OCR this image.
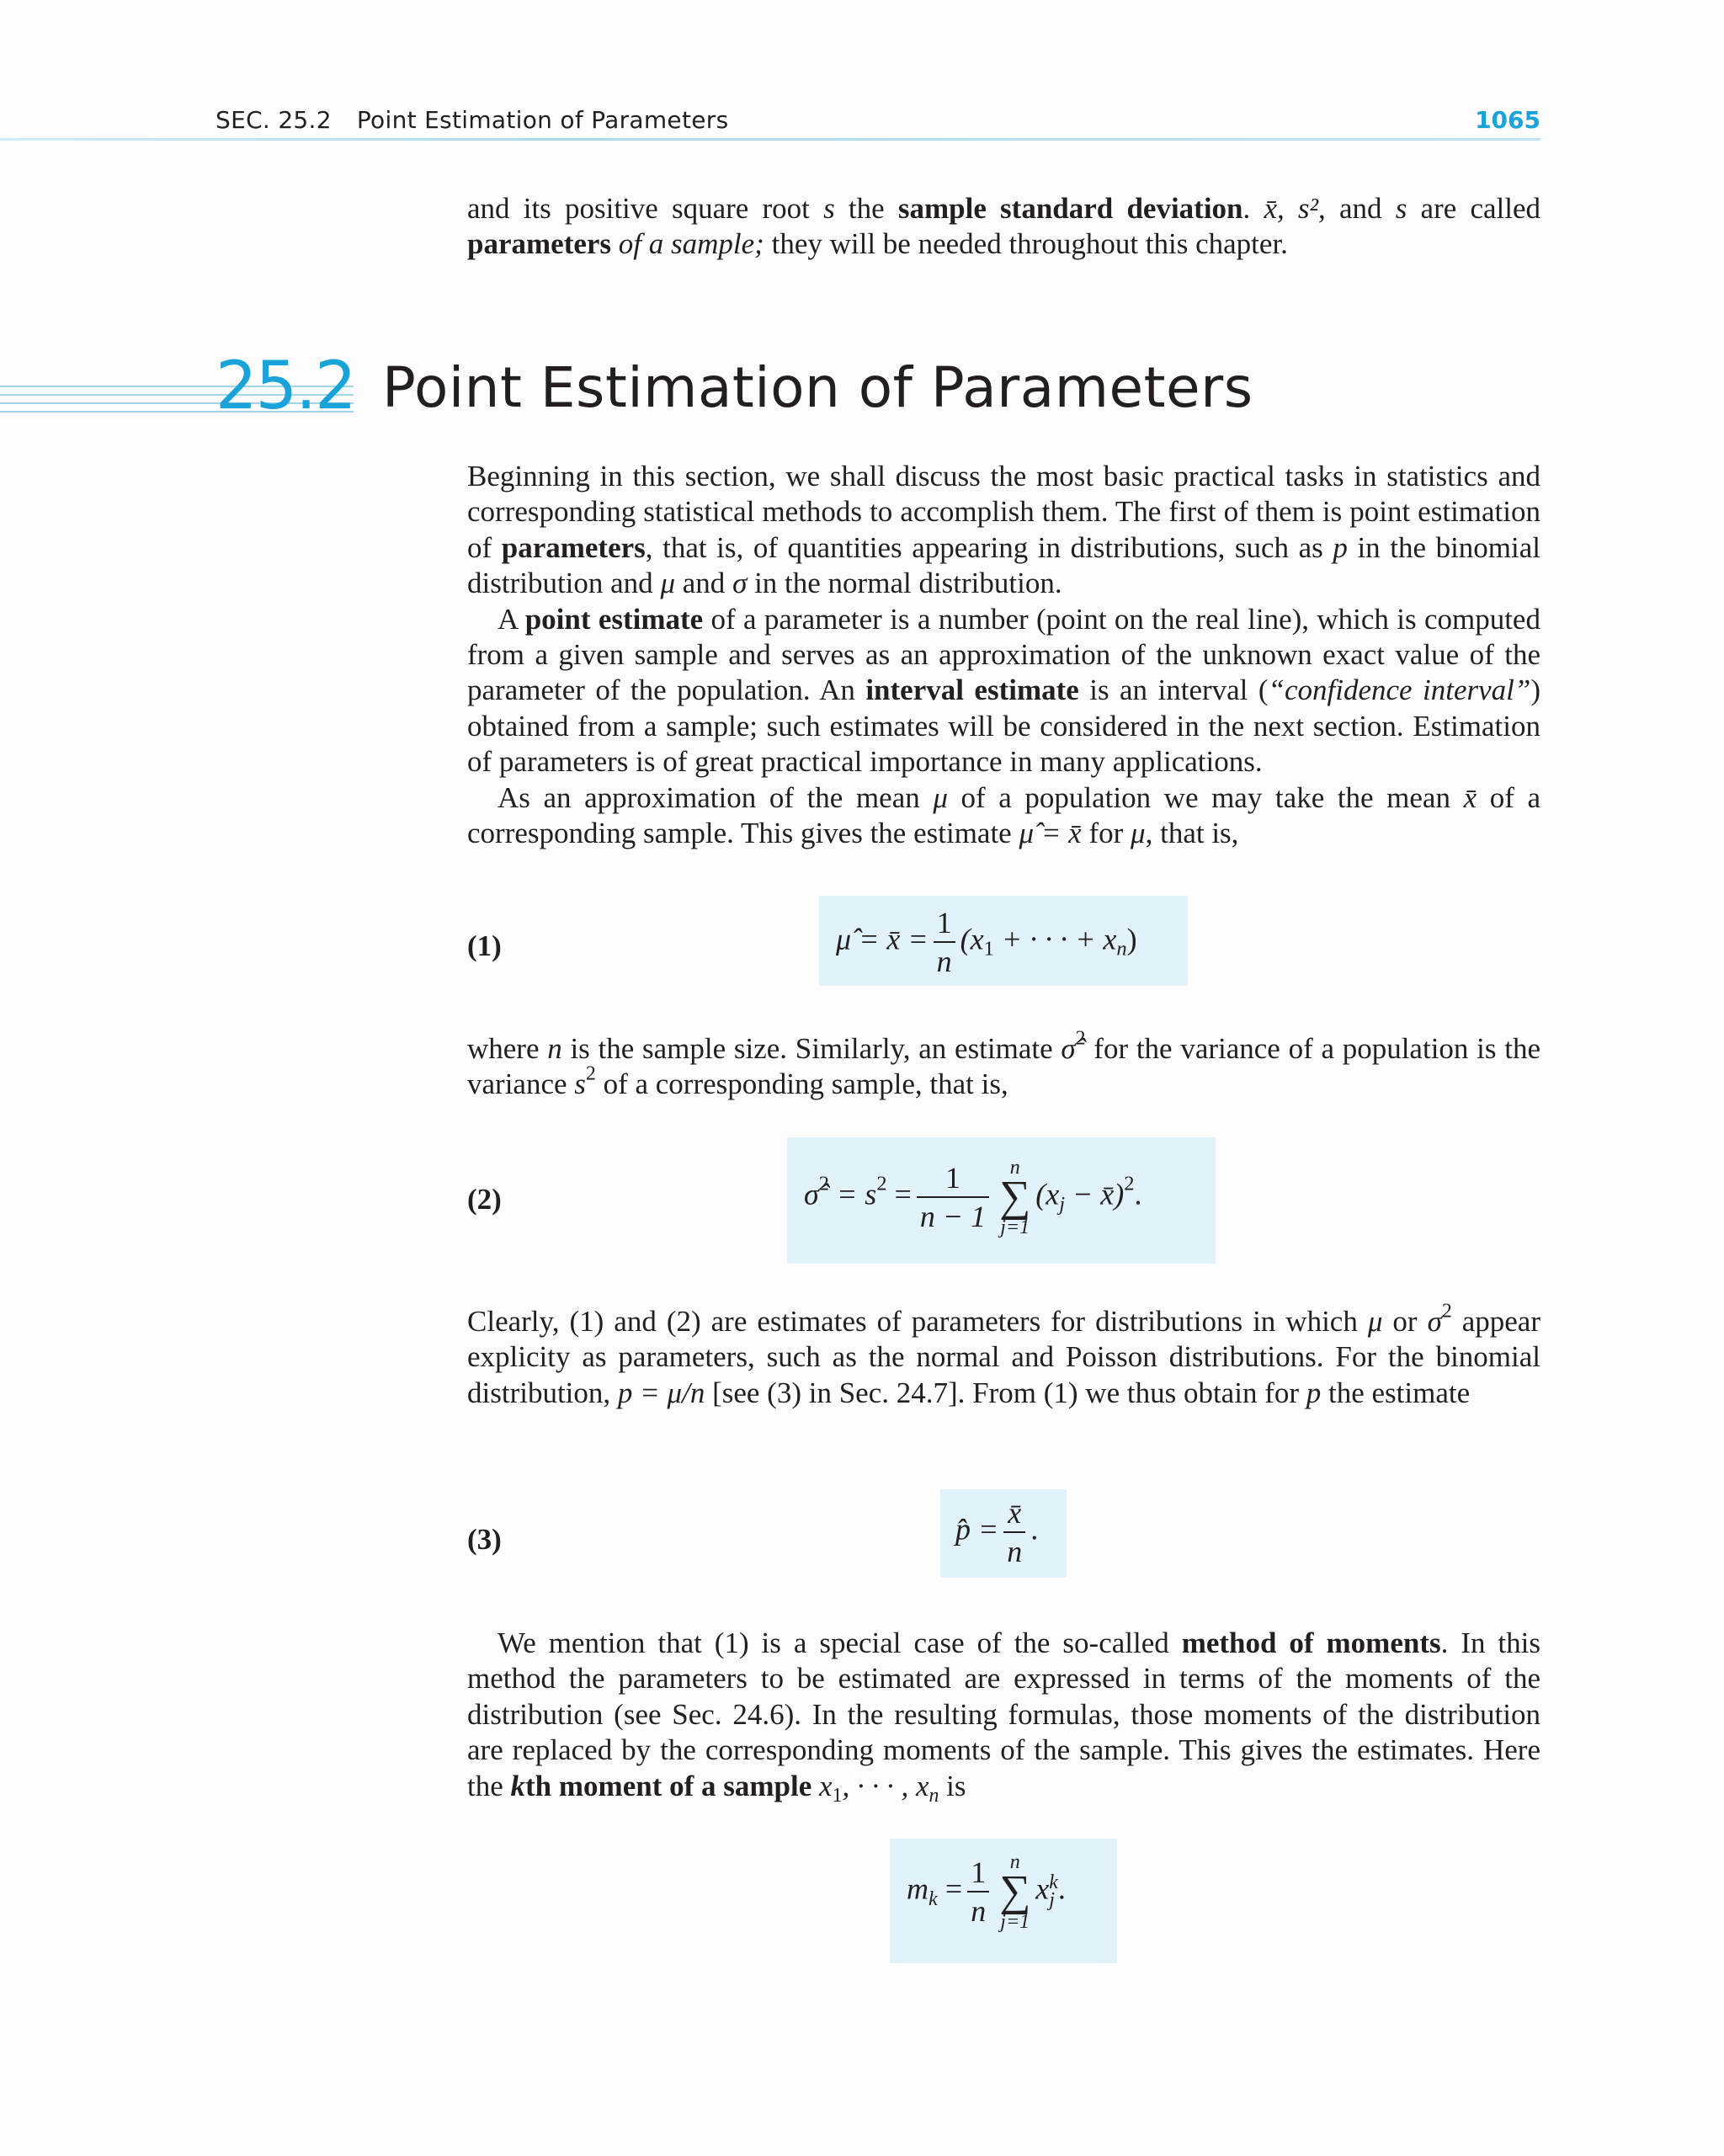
SEC. 25.2 Point Estimation of Parameters	1065

and its positive square root s the sample standard deviation. x̄, s², and s are called parameters of a sample; they will be needed throughout this chapter.

25.2 Point Estimation of Parameters

Beginning in this section, we shall discuss the most basic practical tasks in statistics and corresponding statistical methods to accomplish them. The first of them is point estimation of parameters, that is, of quantities appearing in distributions, such as p in the binomial distribution and μ and σ in the normal distribution.

A point estimate of a parameter is a number (point on the real line), which is computed from a given sample and serves as an approximation of the unknown exact value of the parameter of the population. An interval estimate is an interval (“confidence interval”) obtained from a sample; such estimates will be considered in the next section. Estimation of parameters is of great practical importance in many applications.

As an approximation of the mean μ of a population we may take the mean x̄ of a corresponding sample. This gives the estimate μ̂ = x̄ for μ, that is,

(1)	μ̂ = x̄ = $\frac{1}{n} (x_1$ + · · · + $x_n$)

where n is the sample size. Similarly, an estimate σ̂$^2$ for the variance of a population is the variance $s^2$ of a corresponding sample, that is,

(2)	σ̂$^2$ = $s^2 = \frac{1}{n - 1}$	n
∑
j=1
($x_j$ − x̄)$^2$.

Clearly, (1) and (2) are estimates of parameters for distributions in which μ or $\sigma^2$ appear explicity as parameters, such as the normal and Poisson distributions. For the binomial distribution, p = μ/n [see (3) in Sec. 24.7]. From (1) we thus obtain for p the estimate

(3)	p̂ = $\frac{x̄}{n}$ .

We mention that (1) is a special case of the so-called method of moments. In this method the parameters to be estimated are expressed in terms of the moments of the distribution (see Sec. 24.6). In the resulting formulas, those moments of the distribution are replaced by the corresponding moments of the sample. This gives the estimates. Here the kth moment of a sample $x_1$, · · · , $x_n$ is

$m_k = \frac{1}{n}$	n
∑
j=1
x k
j .
